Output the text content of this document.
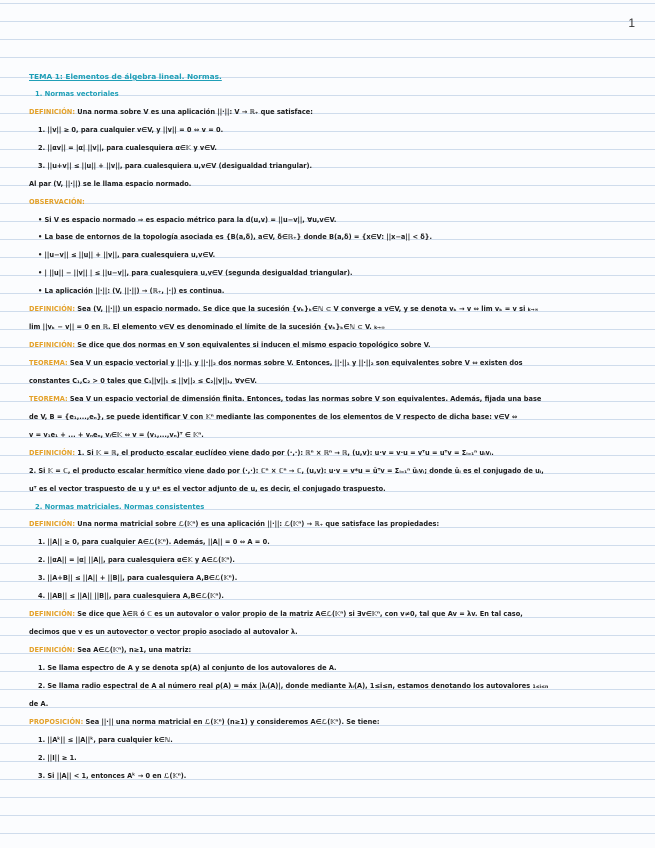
1
TEMA 1: Elementos de álgebra lineal. Normas.
1. Normas vectoriales
DEFINICIÓN: Una norma sobre V es una aplicación ||·||: V → ℝ₊ que satisface:
1. ||v|| ≥ 0, para cualquier v∈V, y ||v|| = 0 ⇔ v = 0.
2. ||αv|| = |α| ||v||, para cualesquiera α∈𝕂 y v∈V.
3. ||u+v|| ≤ ||u|| + ||v||, para cualesquiera u,v∈V (desigualdad triangular).
Al par (V, ||·||) se le llama espacio normado.
OBSERVACIÓN:
• Si V es espacio normado ⇒ es espacio métrico para la d(u,v) = ||u−v||, ∀u,v∈V.
• La base de entornos de la topología asociada es {B(a,δ), a∈V, δ∈ℝ₊} donde B(a,δ) = {x∈V: ||x−a|| < δ}.
• ||u−v|| ≤ ||u|| + ||v||, para cualesquiera u,v∈V.
• | ||u|| − ||v|| | ≤ ||u−v||, para cualesquiera u,v∈V (segunda desigualdad triangular).
• La aplicación ||·||: (V, ||·||) → (ℝ₊, |·|) es continua.
DEFINICIÓN: Sea (V, ||·||) un espacio normado. Se dice que la sucesión {vₖ}ₖ∈ℕ ⊂ V converge a v∈V, y se denota vₖ → v ⇔ lim vₖ = v si k→∞
lim ||vₖ − v|| = 0 en ℝ. El elemento v∈V es denominado el límite de la sucesión {vₖ}ₖ∈ℕ ⊂ V. k→∞
DEFINICIÓN: Se dice que dos normas en V son equivalentes si inducen el mismo espacio topológico sobre V.
TEOREMA: Sea V un espacio vectorial y ||·||₁ y ||·||₂ dos normas sobre V. Entonces, ||·||₁ y ||·||₂ son equivalentes sobre V ⇔ existen dos
constantes C₁,C₂ > 0 tales que C₁||v||₁ ≤ ||v||₂ ≤ C₂||v||₁, ∀v∈V.
TEOREMA: Sea V un espacio vectorial de dimensión finita. Entonces, todas las normas sobre V son equivalentes. Además, fijada una base
de V, B = {e₁,...,eₙ}, se puede identificar V con 𝕂ⁿ mediante las componentes de los elementos de V respecto de dicha base: v∈V ⇔
v = v₁e₁ + ... + vₙeₙ, vᵢ∈𝕂 ⇔ v = (v₁,...,vₙ)ᵀ ∈ 𝕂ⁿ.
DEFINICIÓN: 1. Si 𝕂 = ℝ, el producto escalar euclídeo viene dado por (·,·): ℝⁿ × ℝⁿ → ℝ, (u,v): u·v = v·u = vᵀu = uᵀv = Σᵢ₌₁ⁿ uᵢvᵢ.
2. Si 𝕂 = ℂ, el producto escalar hermítico viene dado por (·,·): ℂⁿ × ℂⁿ → ℂ, (u,v): u·v = v*u = ūᵀv = Σᵢ₌₁ⁿ ūᵢvᵢ; donde ūᵢ es el conjugado de uᵢ,
uᵀ es el vector traspuesto de u y u* es el vector adjunto de u, es decir, el conjugado traspuesto.
2. Normas matriciales. Normas consistentes
DEFINICIÓN: Una norma matricial sobre ℒ(𝕂ⁿ) es una aplicación ||·||: ℒ(𝕂ⁿ) → ℝ₊ que satisface las propiedades:
1. ||A|| ≥ 0, para cualquier A∈ℒ(𝕂ⁿ). Además, ||A|| = 0 ⇔ A = 0.
2. ||αA|| = |α| ||A||, para cualesquiera α∈𝕂 y A∈ℒ(𝕂ⁿ).
3. ||A+B|| ≤ ||A|| + ||B||, para cualesquiera A,B∈ℒ(𝕂ⁿ).
4. ||AB|| ≤ ||A|| ||B||, para cualesquiera A,B∈ℒ(𝕂ⁿ).
DEFINICIÓN: Se dice que λ∈ℝ ó ℂ es un autovalor o valor propio de la matriz A∈ℒ(𝕂ⁿ) si ∃v∈𝕂ⁿ, con v≠0, tal que Av = λv. En tal caso,
decimos que v es un autovector o vector propio asociado al autovalor λ.
DEFINICIÓN: Sea A∈ℒ(𝕂ⁿ), n≥1, una matriz:
1. Se llama espectro de A y se denota sp(A) al conjunto de los autovalores de A.
2. Se llama radio espectral de A al número real ρ(A) = máx |λᵢ(A)|, donde mediante λᵢ(A), 1≤i≤n, estamos denotando los autovalores 1≤i≤n
de A.
PROPOSICIÓN: Sea ||·|| una norma matricial en ℒ(𝕂ⁿ) (n≥1) y consideremos A∈ℒ(𝕂ⁿ). Se tiene:
1. ||Aᵏ|| ≤ ||A||ᵏ, para cualquier k∈ℕ.
2. ||I|| ≥ 1.
3. Si ||A|| < 1, entonces Aᵏ → 0 en ℒ(𝕂ⁿ).
